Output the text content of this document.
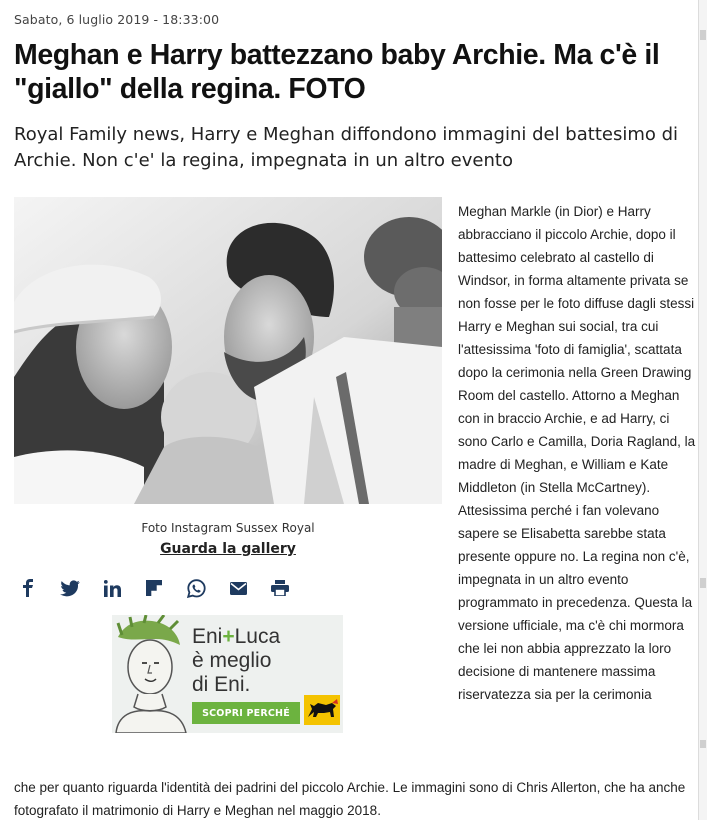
Sabato, 6 luglio 2019 - 18:33:00
Meghan e Harry battezzano baby Archie. Ma c'è il "giallo" della regina. FOTO

Royal Family news, Harry e Meghan diffondono immagini del battesimo di Archie. Non c'e' la regina, impegnata in un altro evento

Foto Instagram Sussex Royal
Guarda la gallery
Eni+Luca
è meglio
di Eni.
SCOPRI PERCHÉ

Meghan Markle (in Dior) e Harry abbracciano il piccolo Archie, dopo il battesimo celebrato al castello di Windsor, in forma altamente privata se non fosse per le foto diffuse dagli stessi Harry e Meghan sui social, tra cui l'attesissima 'foto di famiglia', scattata dopo la cerimonia nella Green Drawing Room del castello. Attorno a Meghan con in braccio Archie, e ad Harry, ci sono Carlo e Camilla, Doria Ragland, la madre di Meghan, e William e Kate Middleton (in Stella McCartney). Attesissima perché i fan volevano sapere se Elisabetta sarebbe stata presente oppure no. La regina non c'è, impegnata in un altro evento programmato in precedenza. Questa la versione ufficiale, ma c'è chi mormora che lei non abbia apprezzato la loro decisione di mantenere massima riservatezza sia per la cerimonia

che per quanto riguarda l'identità dei padrini del piccolo Archie. Le immagini sono di Chris Allerton, che ha anche fotografato il matrimonio di Harry e Meghan nel maggio 2018.
